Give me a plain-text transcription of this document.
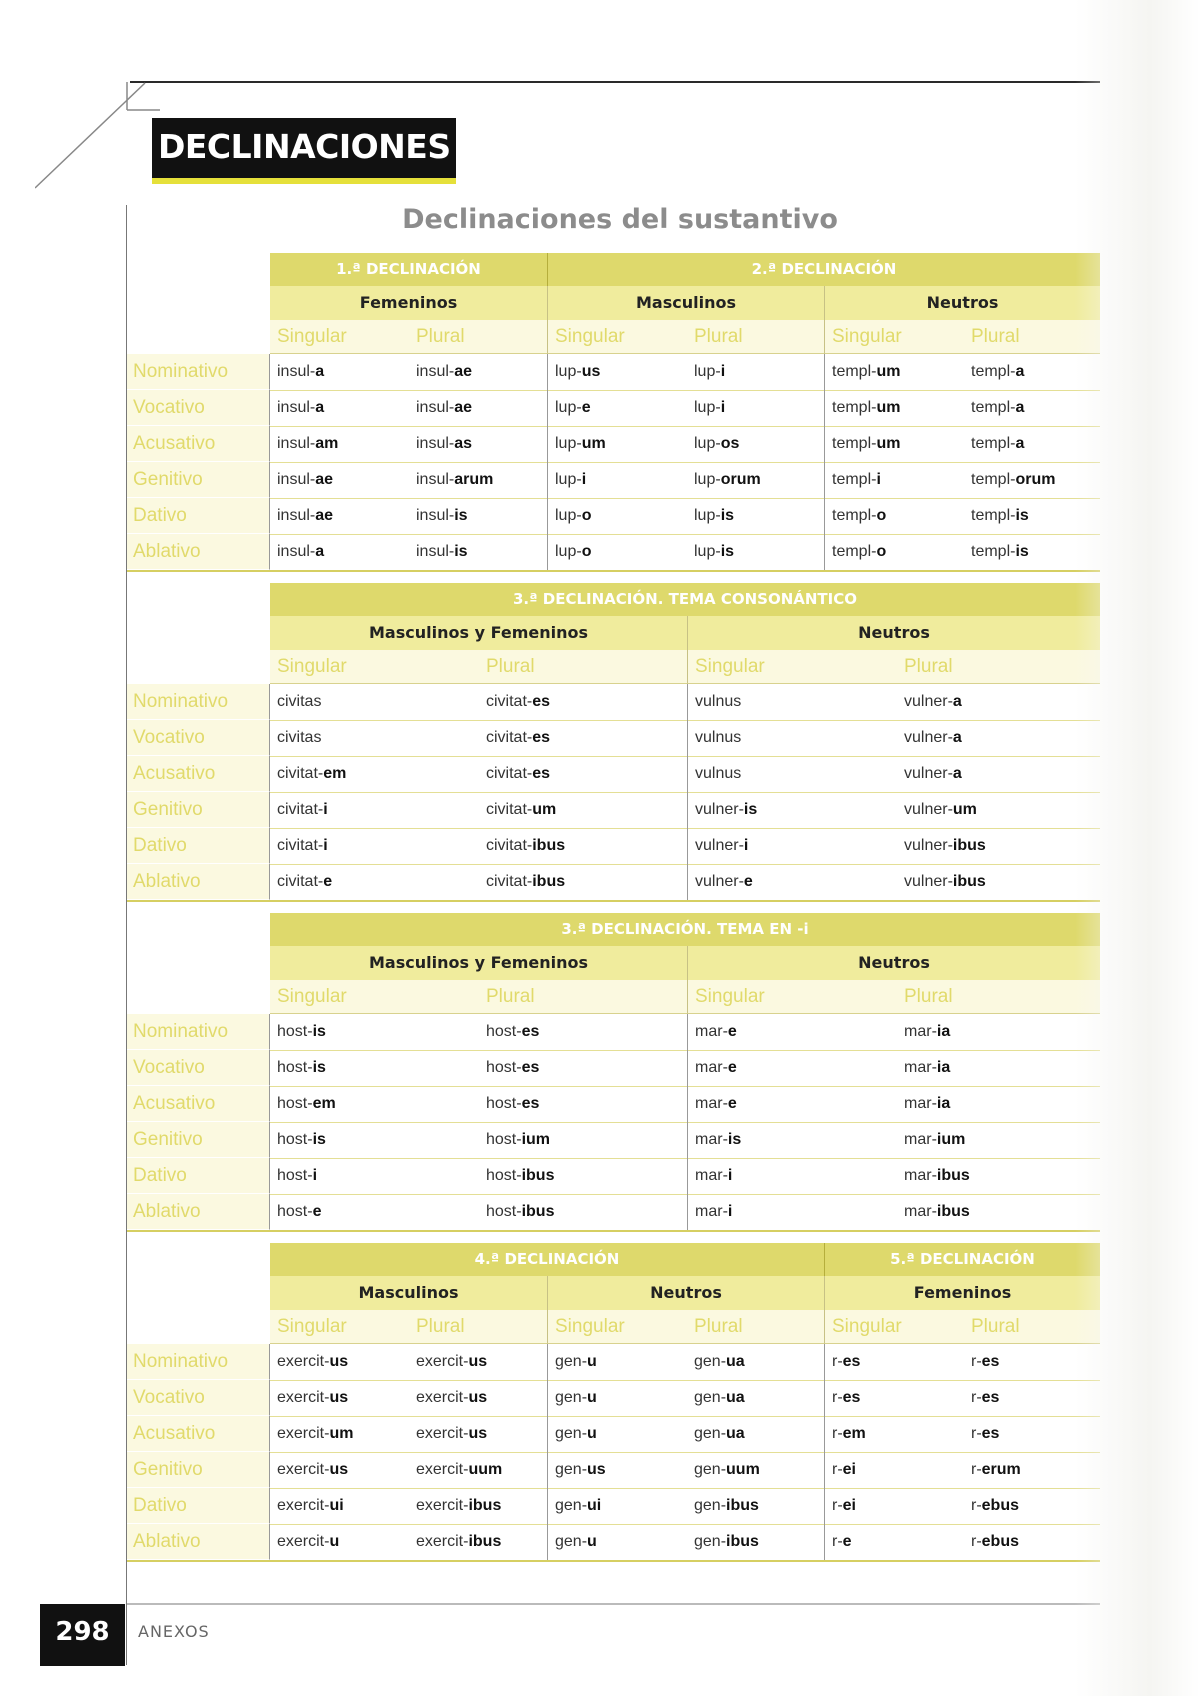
DECLINACIONES
Declinaciones del sustantivo
1.ª DECLINACIÓN	2.ª DECLINACIÓN
Femeninos	Masculinos	Neutros
Singular	Plural	Singular	Plural	Singular	Plural
Nominativo	insul-a	insul-ae	lup-us	lup-i	templ-um	templ-a
Vocativo	insul-a	insul-ae	lup-e	lup-i	templ-um	templ-a
Acusativo	insul-am	insul-as	lup-um	lup-os	templ-um	templ-a
Genitivo	insul-ae	insul-arum	lup-i	lup-orum	templ-i	templ-orum
Dativo	insul-ae	insul-is	lup-o	lup-is	templ-o	templ-is
Ablativo	insul-a	insul-is	lup-o	lup-is	templ-o	templ-is
3.ª DECLINACIÓN. TEMA CONSONÁNTICO
Masculinos y Femeninos	Neutros
Singular	Plural	Singular	Plural
Nominativo	civitas	civitat-es	vulnus	vulner-a
Vocativo	civitas	civitat-es	vulnus	vulner-a
Acusativo	civitat-em	civitat-es	vulnus	vulner-a
Genitivo	civitat-i	civitat-um	vulner-is	vulner-um
Dativo	civitat-i	civitat-ibus	vulner-i	vulner-ibus
Ablativo	civitat-e	civitat-ibus	vulner-e	vulner-ibus
3.ª DECLINACIÓN. TEMA EN -i
Masculinos y Femeninos	Neutros
Singular	Plural	Singular	Plural
Nominativo	host-is	host-es	mar-e	mar-ia
Vocativo	host-is	host-es	mar-e	mar-ia
Acusativo	host-em	host-es	mar-e	mar-ia
Genitivo	host-is	host-ium	mar-is	mar-ium
Dativo	host-i	host-ibus	mar-i	mar-ibus
Ablativo	host-e	host-ibus	mar-i	mar-ibus
4.ª DECLINACIÓN	5.ª DECLINACIÓN
Masculinos	Neutros	Femeninos
Singular	Plural	Singular	Plural	Singular	Plural
Nominativo	exercit-us	exercit-us	gen-u	gen-ua	r-es	r-es
Vocativo	exercit-us	exercit-us	gen-u	gen-ua	r-es	r-es
Acusativo	exercit-um	exercit-us	gen-u	gen-ua	r-em	r-es
Genitivo	exercit-us	exercit-uum	gen-us	gen-uum	r-ei	r-erum
Dativo	exercit-ui	exercit-ibus	gen-ui	gen-ibus	r-ei	r-ebus
Ablativo	exercit-u	exercit-ibus	gen-u	gen-ibus	r-e	r-ebus
298	ANEXOS
